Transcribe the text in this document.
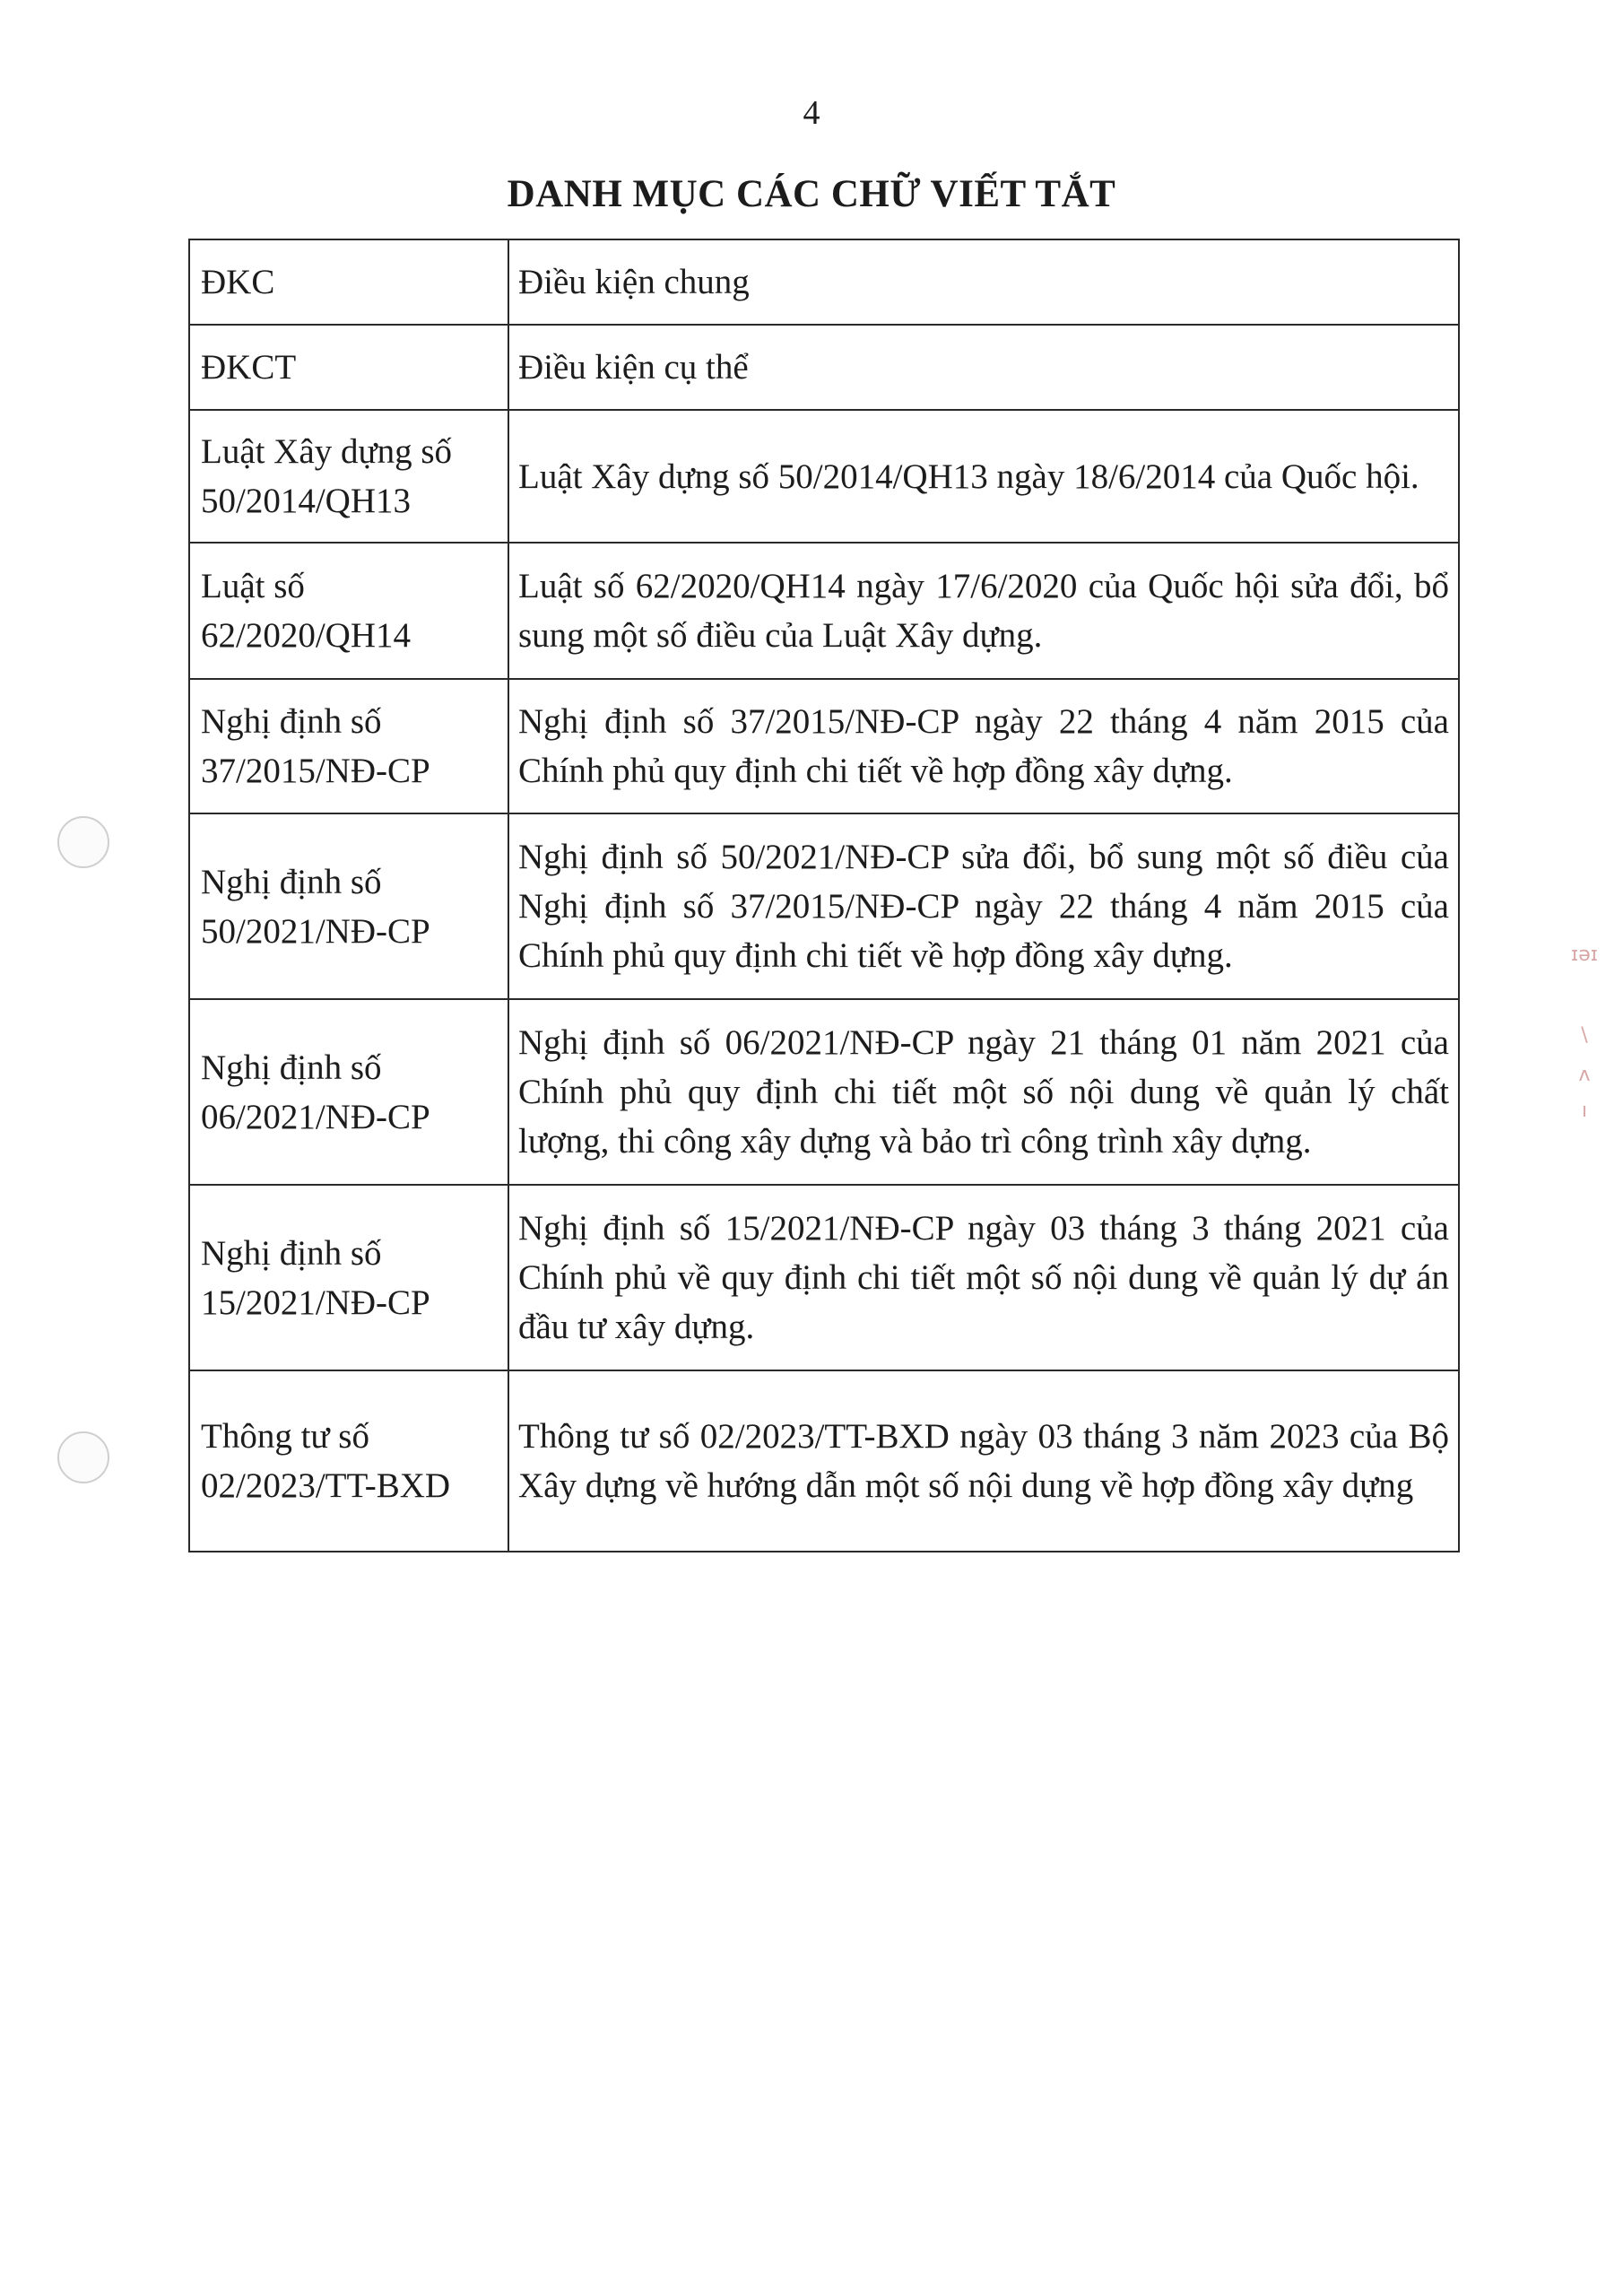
4
DANH MỤC CÁC CHỮ VIẾT TẮT
ĐKC	Điều kiện chung
ĐKCT	Điều kiện cụ thể
Luật Xây dựng số 50/2014/QH13	Luật Xây dựng số 50/2014/QH13 ngày 18/6/2014 của Quốc hội.
Luật số 62/2020/QH14	Luật số 62/2020/QH14 ngày 17/6/2020 của Quốc hội sửa đổi, bổ sung một số điều của Luật Xây dựng.
Nghị định số 37/2015/NĐ-CP	Nghị định số 37/2015/NĐ-CP ngày 22 tháng 4 năm 2015 của Chính phủ quy định chi tiết về hợp đồng xây dựng.
Nghị định số 50/2021/NĐ-CP	Nghị định số 50/2021/NĐ-CP sửa đổi, bổ sung một số điều của Nghị định số 37/2015/NĐ-CP ngày 22 tháng 4 năm 2015 của Chính phủ quy định chi tiết về hợp đồng xây dựng.
Nghị định số 06/2021/NĐ-CP	Nghị định số 06/2021/NĐ-CP ngày 21 tháng 01 năm 2021 của Chính phủ quy định chi tiết một số nội dung về quản lý chất lượng, thi công xây dựng và bảo trì công trình xây dựng.
Nghị định số 15/2021/NĐ-CP	Nghị định số 15/2021/NĐ-CP ngày 03 tháng 3 tháng 2021 của Chính phủ về quy định chi tiết một số nội dung về quản lý dự án đầu tư xây dựng.
Thông tư số 02/2023/TT-BXD	Thông tư số 02/2023/TT-BXD ngày 03 tháng 3 năm 2023 của Bộ Xây dựng về hướng dẫn một số nội dung về hợp đồng xây dựng
ɪǝɪ
\
ʌ
ı
